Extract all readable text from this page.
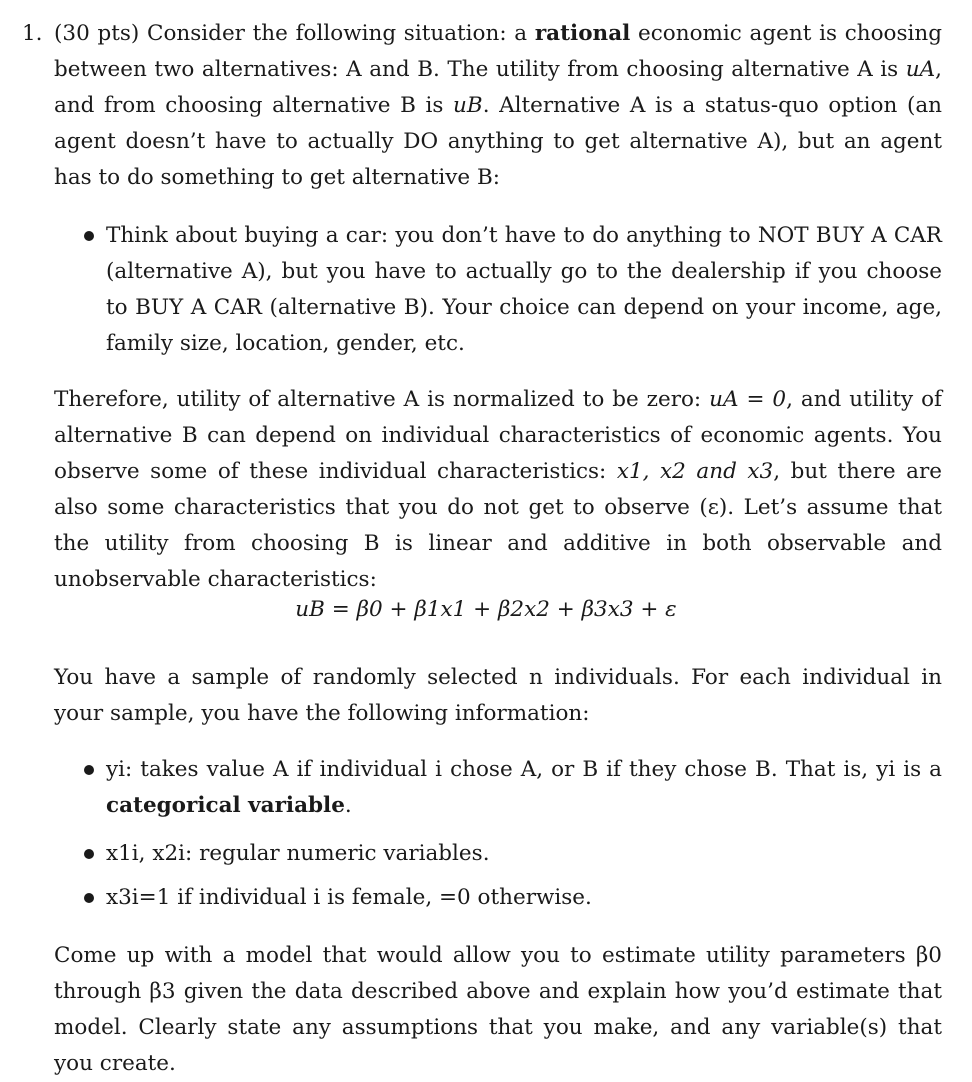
1. (30 pts) Consider the following situation: a rational economic agent is choosing between two alternatives: A and B. The utility from choosing alternative A is uA, and from choosing alternative B is uB. Alternative A is a status-quo option (an agent doesn’t have to actually DO anything to get alternative A), but an agent has to do something to get alternative B:
Think about buying a car: you don’t have to do anything to NOT BUY A CAR (alternative A), but you have to actually go to the dealership if you choose to BUY A CAR (alternative B). Your choice can depend on your income, age, family size, location, gender, etc.
Therefore, utility of alternative A is normalized to be zero: uA = 0, and utility of alternative B can depend on individual characteristics of economic agents. You observe some of these individual characteristics: x1, x2 and x3, but there are also some characteristics that you do not get to observe (ε). Let’s assume that the utility from choosing B is linear and additive in both observable and unobservable characteristics:
uB = β0 + β1x1 + β2x2 + β3x3 + ε
You have a sample of randomly selected n individuals. For each individual in your sample, you have the following information:
yi: takes value A if individual i chose A, or B if they chose B. That is, yi is a categorical variable.
x1i, x2i: regular numeric variables.
x3i=1 if individual i is female, =0 otherwise.
Come up with a model that would allow you to estimate utility parameters β0 through β3 given the data described above and explain how you’d estimate that model. Clearly state any assumptions that you make, and any variable(s) that you create.
